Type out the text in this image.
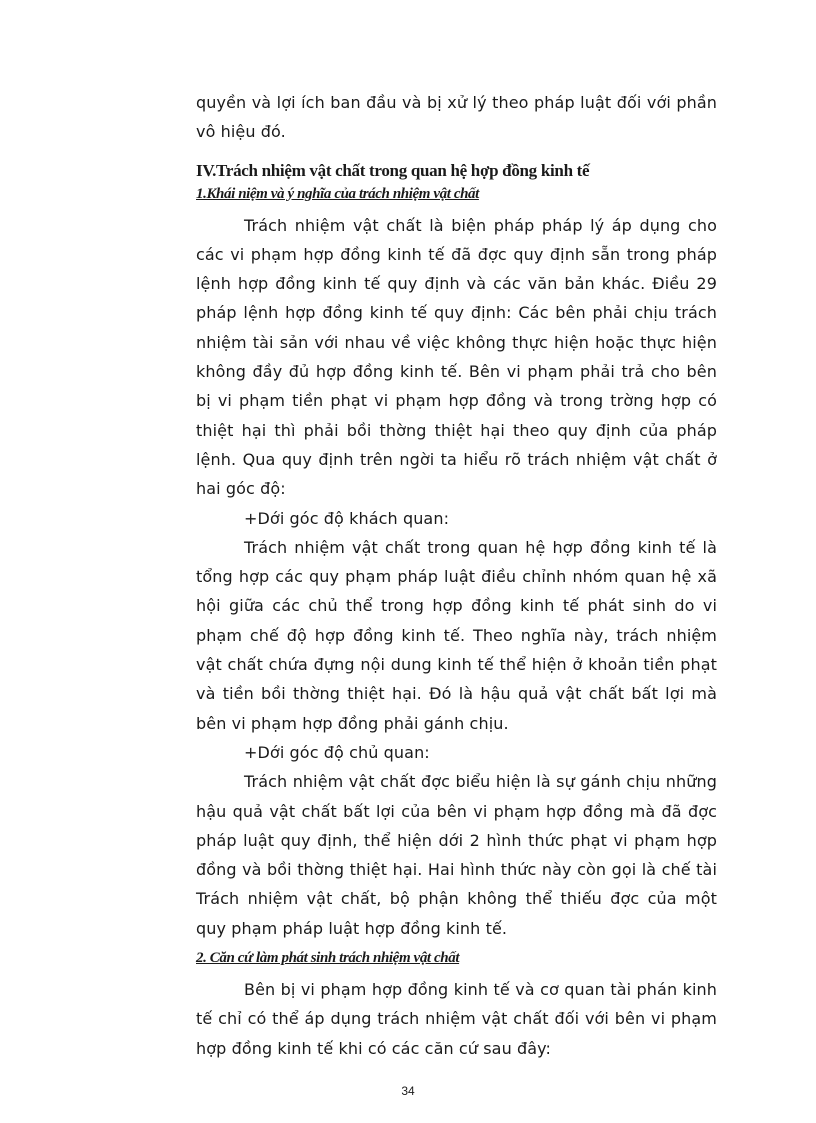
quyền và lợi ích ban đầu và bị xử lý theo pháp luật đối với phần vô hiệu đó.

IV.Trách nhiệm vật chất trong quan hệ hợp đồng kinh tế
1.Khái niệm và ý nghĩa của trách nhiệm vật chất

Trách nhiệm vật chất là biện pháp pháp lý áp dụng cho các vi phạm hợp đồng kinh tế đã đợc quy định sẵn trong pháp lệnh hợp đồng kinh tế quy định và các văn bản khác. Điều 29 pháp lệnh hợp đồng kinh tế quy định: Các bên phải chịu trách nhiệm tài sản với nhau về việc không thực hiện hoặc thực hiện không đầy đủ hợp đồng kinh tế. Bên vi phạm phải trả cho bên bị vi phạm tiền phạt vi phạm hợp đồng và trong trờng hợp có thiệt hại thì phải bồi thờng thiệt hại theo quy định của pháp lệnh. Qua quy định trên ngời ta hiểu rõ trách nhiệm vật chất ở hai góc độ:

+Dới góc độ khách quan:

Trách nhiệm vật chất trong quan hệ hợp đồng kinh tế là tổng hợp các quy phạm pháp luật điều chỉnh nhóm quan hệ xã hội giữa các chủ thể trong hợp đồng kinh tế phát sinh do vi phạm chế độ hợp đồng kinh tế. Theo nghĩa này, trách nhiệm vật chất chứa đựng nội dung kinh tế thể hiện ở khoản tiền phạt và tiền bồi thờng thiệt hại. Đó là hậu quả vật chất bất lợi mà bên vi phạm hợp đồng phải gánh chịu.

+Dới góc độ chủ quan:

Trách nhiệm vật chất đợc biểu hiện là sự gánh chịu những hậu quả vật chất bất lợi của bên vi phạm hợp đồng mà đã đợc pháp luật quy định, thể hiện dới 2 hình thức phạt vi phạm hợp đồng và bồi thờng thiệt hại. Hai hình thức này còn gọi là chế tài Trách nhiệm vật chất, bộ phận không thể thiếu đợc của một quy phạm pháp luật hợp đồng kinh tế.

2. Căn cứ làm phát sinh trách nhiệm vật chất

Bên bị vi phạm hợp đồng kinh tế và cơ quan tài phán kinh tế chỉ có thể áp dụng trách nhiệm vật chất đối với bên vi phạm hợp đồng kinh tế khi có các căn cứ sau đây:

34
